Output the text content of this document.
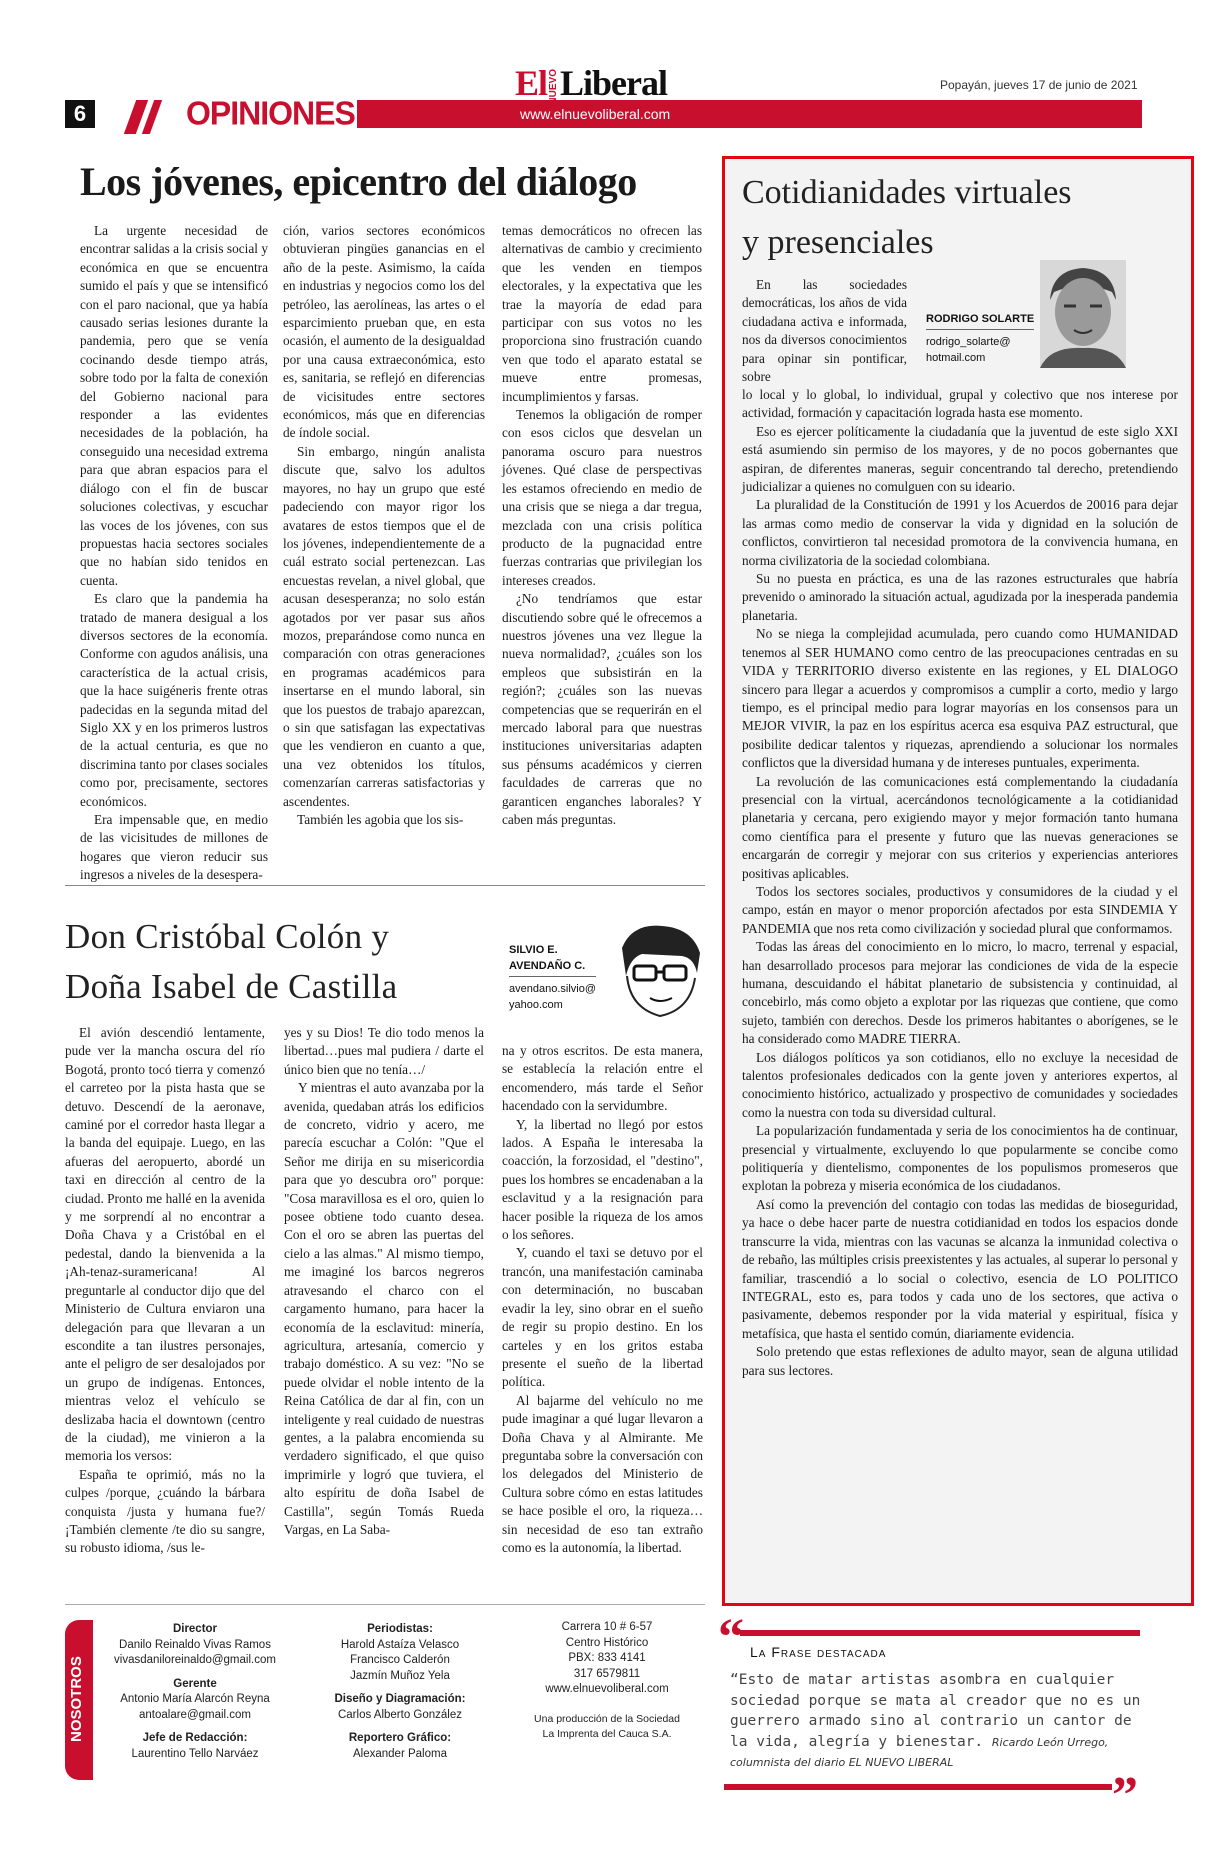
6	OPINIONES
ElNUEVOLiberal
www.elnuevoliberal.com
Popayán, jueves 17 de junio de 2021
Los jóvenes, epicentro del diálogo

La urgente necesidad de encontrar salidas a la crisis social y económica en que se encuentra sumido el país y que se intensificó con el paro nacional, que ya había causado serias lesiones durante la pandemia, pero que se venía cocinando desde tiempo atrás, sobre todo por la falta de conexión del Gobierno nacional para responder a las evidentes necesidades de la población, ha conseguido una necesidad extrema para que abran espacios para el diálogo con el fin de buscar soluciones colectivas, y escuchar las voces de los jóvenes, con sus propuestas hacia sectores sociales que no habían sido tenidos en cuenta.

Es claro que la pandemia ha tratado de manera desigual a los diversos sectores de la economía. Conforme con agudos análisis, una característica de la actual crisis, que la hace suigéneris frente otras padecidas en la segunda mitad del Siglo XX y en los primeros lustros de la actual centuria, es que no discrimina tanto por clases sociales como por, precisamente, sectores económicos.

Era impensable que, en medio de las vicisitudes de millones de hogares que vieron reducir sus ingresos a niveles de la desespera-

ción, varios sectores económicos obtuvieran pingües ganancias en el año de la peste. Asimismo, la caída en industrias y negocios como los del petróleo, las aerolíneas, las artes o el esparcimiento prueban que, en esta ocasión, el aumento de la desigualdad por una causa extraeconómica, esto es, sanitaria, se reflejó en diferencias de vicisitudes entre sectores económicos, más que en diferencias de índole social.

Sin embargo, ningún analista discute que, salvo los adultos mayores, no hay un grupo que esté padeciendo con mayor rigor los avatares de estos tiempos que el de los jóvenes, independientemente de a cuál estrato social pertenezcan. Las encuestas revelan, a nivel global, que acusan desesperanza; no solo están agotados por ver pasar sus años mozos, preparándose como nunca en comparación con otras generaciones en programas académicos para insertarse en el mundo laboral, sin que los puestos de trabajo aparezcan, o sin que satisfagan las expectativas que les vendieron en cuanto a que, una vez obtenidos los títulos, comenzarían carreras satisfactorias y ascendentes.

También les agobia que los sis-

temas democráticos no ofrecen las alternativas de cambio y crecimiento que les venden en tiempos electorales, y la expectativa que les trae la mayoría de edad para participar con sus votos no les proporciona sino frustración cuando ven que todo el aparato estatal se mueve entre promesas, incumplimientos y farsas.

Tenemos la obligación de romper con esos ciclos que desvelan un panorama oscuro para nuestros jóvenes. Qué clase de perspectivas les estamos ofreciendo en medio de una crisis que se niega a dar tregua, mezclada con una crisis política producto de la pugnacidad entre fuerzas contrarias que privilegian los intereses creados.

¿No tendríamos que estar discutiendo sobre qué le ofrecemos a nuestros jóvenes una vez llegue la nueva normalidad?, ¿cuáles son los empleos que subsistirán en la región?; ¿cuáles son las nuevas competencias que se requerirán en el mercado laboral para que nuestras instituciones universitarias adapten sus pénsums académicos y cierren faculdades de carreras que no garanticen enganches laborales? Y caben más preguntas.

Don Cristóbal Colón y
Doña Isabel de Castilla
SILVIO E.
AVENDAÑO C.
avendano.silvio@
yahoo.com

El avión descendió lentamente, pude ver la mancha oscura del río Bogotá, pronto tocó tierra y comenzó el carreteo por la pista hasta que se detuvo. Descendí de la aeronave, caminé por el corredor hasta llegar a la banda del equipaje. Luego, en las afueras del aeropuerto, abordé un taxi en dirección al centro de la ciudad. Pronto me hallé en la avenida y me sorprendí al no encontrar a Doña Chava y a Cristóbal en el pedestal, dando la bienvenida a la ¡Ah-tenaz-suramericana! Al preguntarle al conductor dijo que del Ministerio de Cultura enviaron una delegación para que llevaran a un escondite a tan ilustres personajes, ante el peligro de ser desalojados por un grupo de indígenas. Entonces, mientras veloz el vehículo se deslizaba hacia el downtown (centro de la ciudad), me vinieron a la memoria los versos:

España te oprimió, más no la culpes /porque, ¿cuándo la bárbara conquista /justa y humana fue?/¡También clemente /te dio su sangre, su robusto idioma, /sus le-

yes y su Dios! Te dio todo menos la libertad…pues mal pudiera / darte el único bien que no tenía…/

Y mientras el auto avanzaba por la avenida, quedaban atrás los edificios de concreto, vidrio y acero, me parecía escuchar a Colón: "Que el Señor me dirija en su misericordia para que yo descubra oro" porque: "Cosa maravillosa es el oro, quien lo posee obtiene todo cuanto desea. Con el oro se abren las puertas del cielo a las almas." Al mismo tiempo, me imaginé los barcos negreros atravesando el charco con el cargamento humano, para hacer la economía de la esclavitud: minería, agricultura, artesanía, comercio y trabajo doméstico. A su vez: "No se puede olvidar el noble intento de la Reina Católica de dar al fin, con un inteligente y real cuidado de nuestras gentes, a la palabra encomienda su verdadero significado, el que quiso imprimirle y logró que tuviera, el alto espíritu de doña Isabel de Castilla", según Tomás Rueda Vargas, en La Saba-

na y otros escritos. De esta manera, se establecía la relación entre el encomendero, más tarde el Señor hacendado con la servidumbre.

Y, la libertad no llegó por estos lados. A España le interesaba la coacción, la forzosidad, el "destino", pues los hombres se encadenaban a la esclavitud y a la resignación para hacer posible la riqueza de los amos o los señores.

Y, cuando el taxi se detuvo por el trancón, una manifestación caminaba con determinación, no buscaban evadir la ley, sino obrar en el sueño de regir su propio destino. En los carteles y en los gritos estaba presente el sueño de la libertad política.

Al bajarme del vehículo no me pude imaginar a qué lugar llevaron a Doña Chava y al Almirante. Me preguntaba sobre la conversación con los delegados del Ministerio de Cultura sobre cómo en estas latitudes se hace posible el oro, la riqueza… sin necesidad de eso tan extraño como es la autonomía, la libertad.

Cotidianidades virtuales
y presenciales

En las sociedades democráticas, los años de vida ciudadana activa e informada, nos da diversos conocimientos para opinar sin pontificar, sobre

RODRIGO SOLARTE
rodrigo_solarte@
hotmail.com

lo local y lo global, lo individual, grupal y colectivo que nos interese por actividad, formación y capacitación lograda hasta ese momento.

Eso es ejercer políticamente la ciudadanía que la juventud de este siglo XXI está asumiendo sin permiso de los mayores, y de no pocos gobernantes que aspiran, de diferentes maneras, seguir concentrando tal derecho, pretendiendo judicializar a quienes no comulguen con su ideario.

La pluralidad de la Constitución de 1991 y los Acuerdos de 20016 para dejar las armas como medio de conservar la vida y dignidad en la solución de conflictos, convirtieron tal necesidad promotora de la convivencia humana, en norma civilizatoria de la sociedad colombiana.

Su no puesta en práctica, es una de las razones estructurales que habría prevenido o aminorado la situación actual, agudizada por la inesperada pandemia planetaria.

No se niega la complejidad acumulada, pero cuando como HUMANIDAD tenemos al SER HUMANO como centro de las preocupaciones centradas en su VIDA y TERRITORIO diverso existente en las regiones, y EL DIALOGO sincero para llegar a acuerdos y compromisos a cumplir a corto, medio y largo tiempo, es el principal medio para lograr mayorías en los consensos para un MEJOR VIVIR, la paz en los espíritus acerca esa esquiva PAZ estructural, que posibilite dedicar talentos y riquezas, aprendiendo a solucionar los normales conflictos que la diversidad humana y de intereses puntuales, experimenta.

La revolución de las comunicaciones está complementando la ciudadanía presencial con la virtual, acercándonos tecnológicamente a la cotidianidad planetaria y cercana, pero exigiendo mayor y mejor formación tanto humana como científica para el presente y futuro que las nuevas generaciones se encargarán de corregir y mejorar con sus criterios y experiencias anteriores positivas aplicables.

Todos los sectores sociales, productivos y consumidores de la ciudad y el campo, están en mayor o menor proporción afectados por esta SINDEMIA Y PANDEMIA que nos reta como civilización y sociedad plural que conformamos.

Todas las áreas del conocimiento en lo micro, lo macro, terrenal y espacial, han desarrollado procesos para mejorar las condiciones de vida de la especie humana, descuidando el hábitat planetario de subsistencia y continuidad, al concebirlo, más como objeto a explotar por las riquezas que contiene, que como sujeto, también con derechos. Desde los primeros habitantes o aborígenes, se le ha considerado como MADRE TIERRA.

Los diálogos políticos ya son cotidianos, ello no excluye la necesidad de talentos profesionales dedicados con la gente joven y anteriores expertos, al conocimiento histórico, actualizado y prospectivo de comunidades y sociedades como la nuestra con toda su diversidad cultural.

La popularización fundamentada y seria de los conocimientos ha de continuar, presencial y virtualmente, excluyendo lo que popularmente se concibe como politiquería y dientelismo, componentes de los populismos promeseros que explotan la pobreza y miseria económica de los ciudadanos.

Así como la prevención del contagio con todas las medidas de bioseguridad, ya hace o debe hacer parte de nuestra cotidianidad en todos los espacios donde transcurre la vida, mientras con las vacunas se alcanza la inmunidad colectiva o de rebaño, las múltiples crisis preexistentes y las actuales, al superar lo personal y familiar, trascendió a lo social o colectivo, esencia de LO POLITICO INTEGRAL, esto es, para todos y cada uno de los sectores, que activa o pasivamente, debemos responder por la vida material y espiritual, física y metafísica, que hasta el sentido común, diariamente evidencia.

Solo pretendo que estas reflexiones de adulto mayor, sean de alguna utilidad para sus lectores.

NOSOTROS
Director
Danilo Reinaldo Vivas Ramos
vivasdaniloreinaldo@gmail.com
Gerente
Antonio María Alarcón Reyna
antoalare@gmail.com
Jefe de Redacción:
Laurentino Tello Narváez
Periodistas:
Harold Astaíza Velasco
Francisco Calderón
Jazmín Muñoz Yela
Diseño y Diagramación:
Carlos Alberto González
Reportero Gráfico:
Alexander Paloma
Carrera 10 # 6-57
Centro Histórico
PBX: 833 4141
317 6579811
www.elnuevoliberal.com
Una producción de la Sociedad
La Imprenta del Cauca S.A.
“ La Frase destacada
“Esto de matar artistas asombra en cualquier sociedad porque se mata al creador que no es un guerrero armado sino al contrario un cantor de la vida, alegría y bienestar. Ricardo León Urrego,
columnista del diario EL NUEVO LIBERAL
”
